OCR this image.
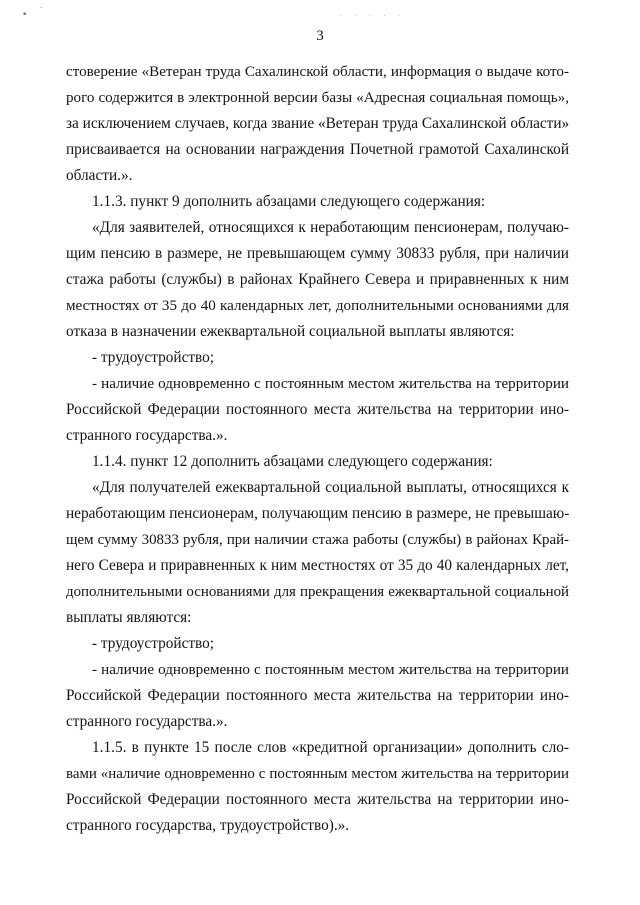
•
·
· · · · ·
3

стоверение «Ветеран труда Сахалинской области, информация о выдаче кото-

рого содержится в электронной версии базы «Адресная социальная помощь»,

за исключением случаев, когда звание «Ветеран труда Сахалинской области»

присваивается на основании награждения Почетной грамотой Сахалинской

области.».

1.1.3. пункт 9 дополнить абзацами следующего содержания:

«Для заявителей, относящихся к неработающим пенсионерам, получаю-

щим пенсию в размере, не превышающем сумму 30833 рубля, при наличии

стажа работы (службы) в районах Крайнего Севера и приравненных к ним

местностях от 35 до 40 календарных лет, дополнительными основаниями для

отказа в назначении ежеквартальной социальной выплаты являются:

- трудоустройство;

- наличие одновременно с постоянным местом жительства на территории

Российской Федерации постоянного места жительства на территории ино-

странного государства.».

1.1.4. пункт 12 дополнить абзацами следующего содержания:

«Для получателей ежеквартальной социальной выплаты, относящихся к

неработающим пенсионерам, получающим пенсию в размере, не превышаю-

щем сумму 30833 рубля, при наличии стажа работы (службы) в районах Край-

него Севера и приравненных к ним местностях от 35 до 40 календарных лет,

дополнительными основаниями для прекращения ежеквартальной социальной

выплаты являются:

- трудоустройство;

- наличие одновременно с постоянным местом жительства на территории

Российской Федерации постоянного места жительства на территории ино-

странного государства.».

1.1.5. в пункте 15 после слов «кредитной организации» дополнить сло-

вами «наличие одновременно с постоянным местом жительства на территории

Российской Федерации постоянного места жительства на территории ино-

странного государства, трудоустройство).».
